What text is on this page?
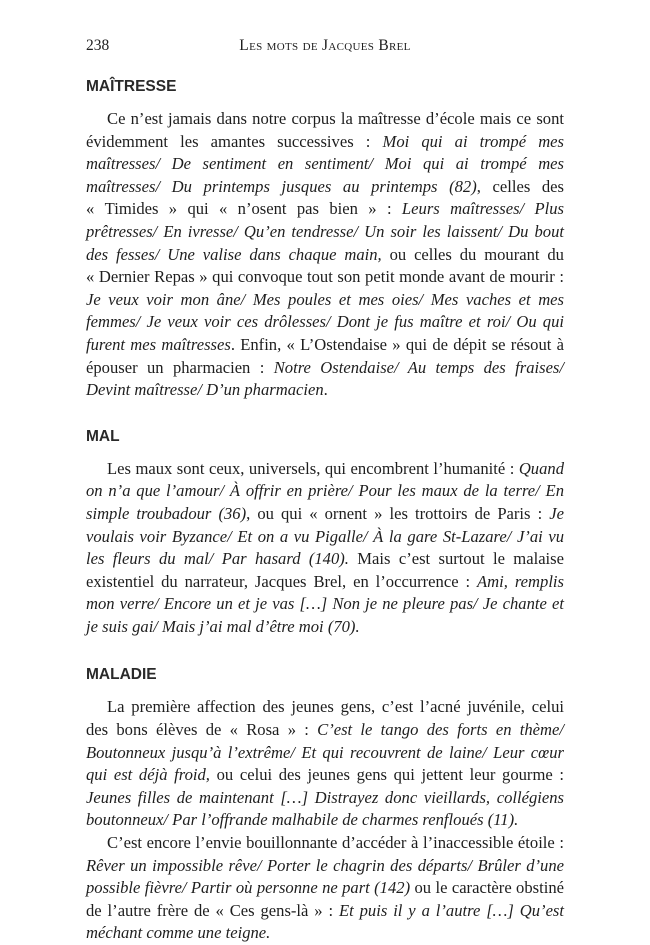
238	Les mots de Jacques Brel
MAÎTRESSE

Ce n’est jamais dans notre corpus la maîtresse d’école mais ce sont évidemment les amantes successives : Moi qui ai trompé mes maîtresses/ De sentiment en sentiment/ Moi qui ai trompé mes maîtresses/ Du printemps jusques au printemps (82), celles des « Timides » qui « n’osent pas bien » : Leurs maîtresses/ Plus prêtresses/ En ivresse/ Qu’en tendresse/ Un soir les laissent/ Du bout des fesses/ Une valise dans chaque main, ou celles du mourant du « Dernier Repas » qui convoque tout son petit monde avant de mourir : Je veux voir mon âne/ Mes poules et mes oies/ Mes vaches et mes femmes/ Je veux voir ces drôlesses/ Dont je fus maître et roi/ Ou qui furent mes maîtresses. Enfin, « L’Ostendaise » qui de dépit se résout à épouser un pharmacien : Notre Ostendaise/ Au temps des fraises/ Devint maîtresse/ D’un pharmacien.

MAL

Les maux sont ceux, universels, qui encombrent l’humanité : Quand on n’a que l’amour/ À offrir en prière/ Pour les maux de la terre/ En simple troubadour (36), ou qui « ornent » les trottoirs de Paris : Je voulais voir Byzance/ Et on a vu Pigalle/ À la gare St-Lazare/ J’ai vu les fleurs du mal/ Par hasard (140). Mais c’est surtout le malaise existentiel du narrateur, Jacques Brel, en l’occurrence : Ami, remplis mon verre/ Encore un et je vas […] Non je ne pleure pas/ Je chante et je suis gai/ Mais j’ai mal d’être moi (70).

MALADIE

La première affection des jeunes gens, c’est l’acné juvénile, celui des bons élèves de « Rosa » : C’est le tango des forts en thème/ Boutonneux jusqu’à l’extrême/ Et qui recouvrent de laine/ Leur cœur qui est déjà froid, ou celui des jeunes gens qui jettent leur gourme : Jeunes filles de maintenant […] Distrayez donc vieillards, collégiens boutonneux/ Par l’offrande malhabile de charmes renfloués (11).

C’est encore l’envie bouillonnante d’accéder à l’inaccessible étoile : Rêver un impossible rêve/ Porter le chagrin des départs/ Brûler d’une possible fièvre/ Partir où personne ne part (142) ou le caractère obstiné de l’autre frère de « Ces gens-là » : Et puis il y a l’autre […] Qu’est méchant comme une teigne.
